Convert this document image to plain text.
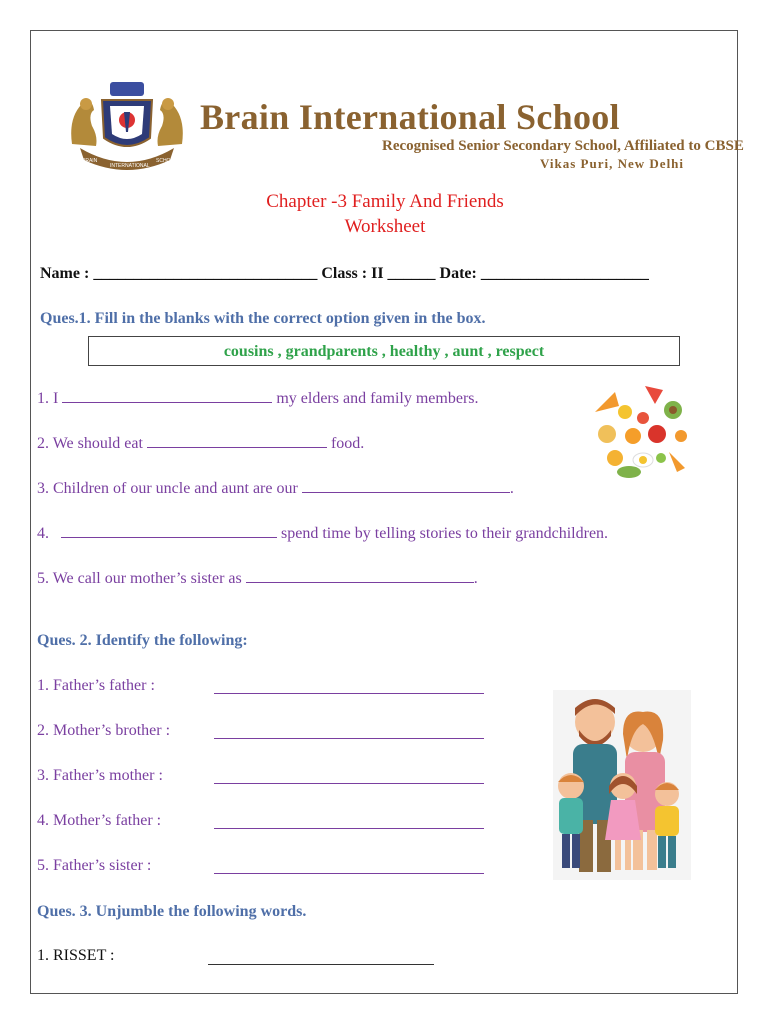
BRAIN
INTERNATIONAL
SCHOOL
Brain International School
Recognised Senior Secondary School, Affiliated to CBSE
Vikas Puri, New Delhi
Chapter -3 Family And Friends
Worksheet
Name : ____________________________ Class : II ______ Date: _____________________
Ques.1. Fill in the blanks with the correct option given in the box.
cousins , grandparents , healthy , aunt , respect
1. I	my elders and family members.
2. We should eat	food.
3. Children of our uncle and aunt are our	.
4.	spend time by telling stories to their grandchildren.
5. We call our mother’s sister as	.
Ques. 2. Identify the following:
1. Father’s father :
2. Mother’s brother :
3. Father’s mother :
4. Mother’s father :
5. Father’s sister :
Ques. 3. Unjumble the following words.
1. RISSET :
